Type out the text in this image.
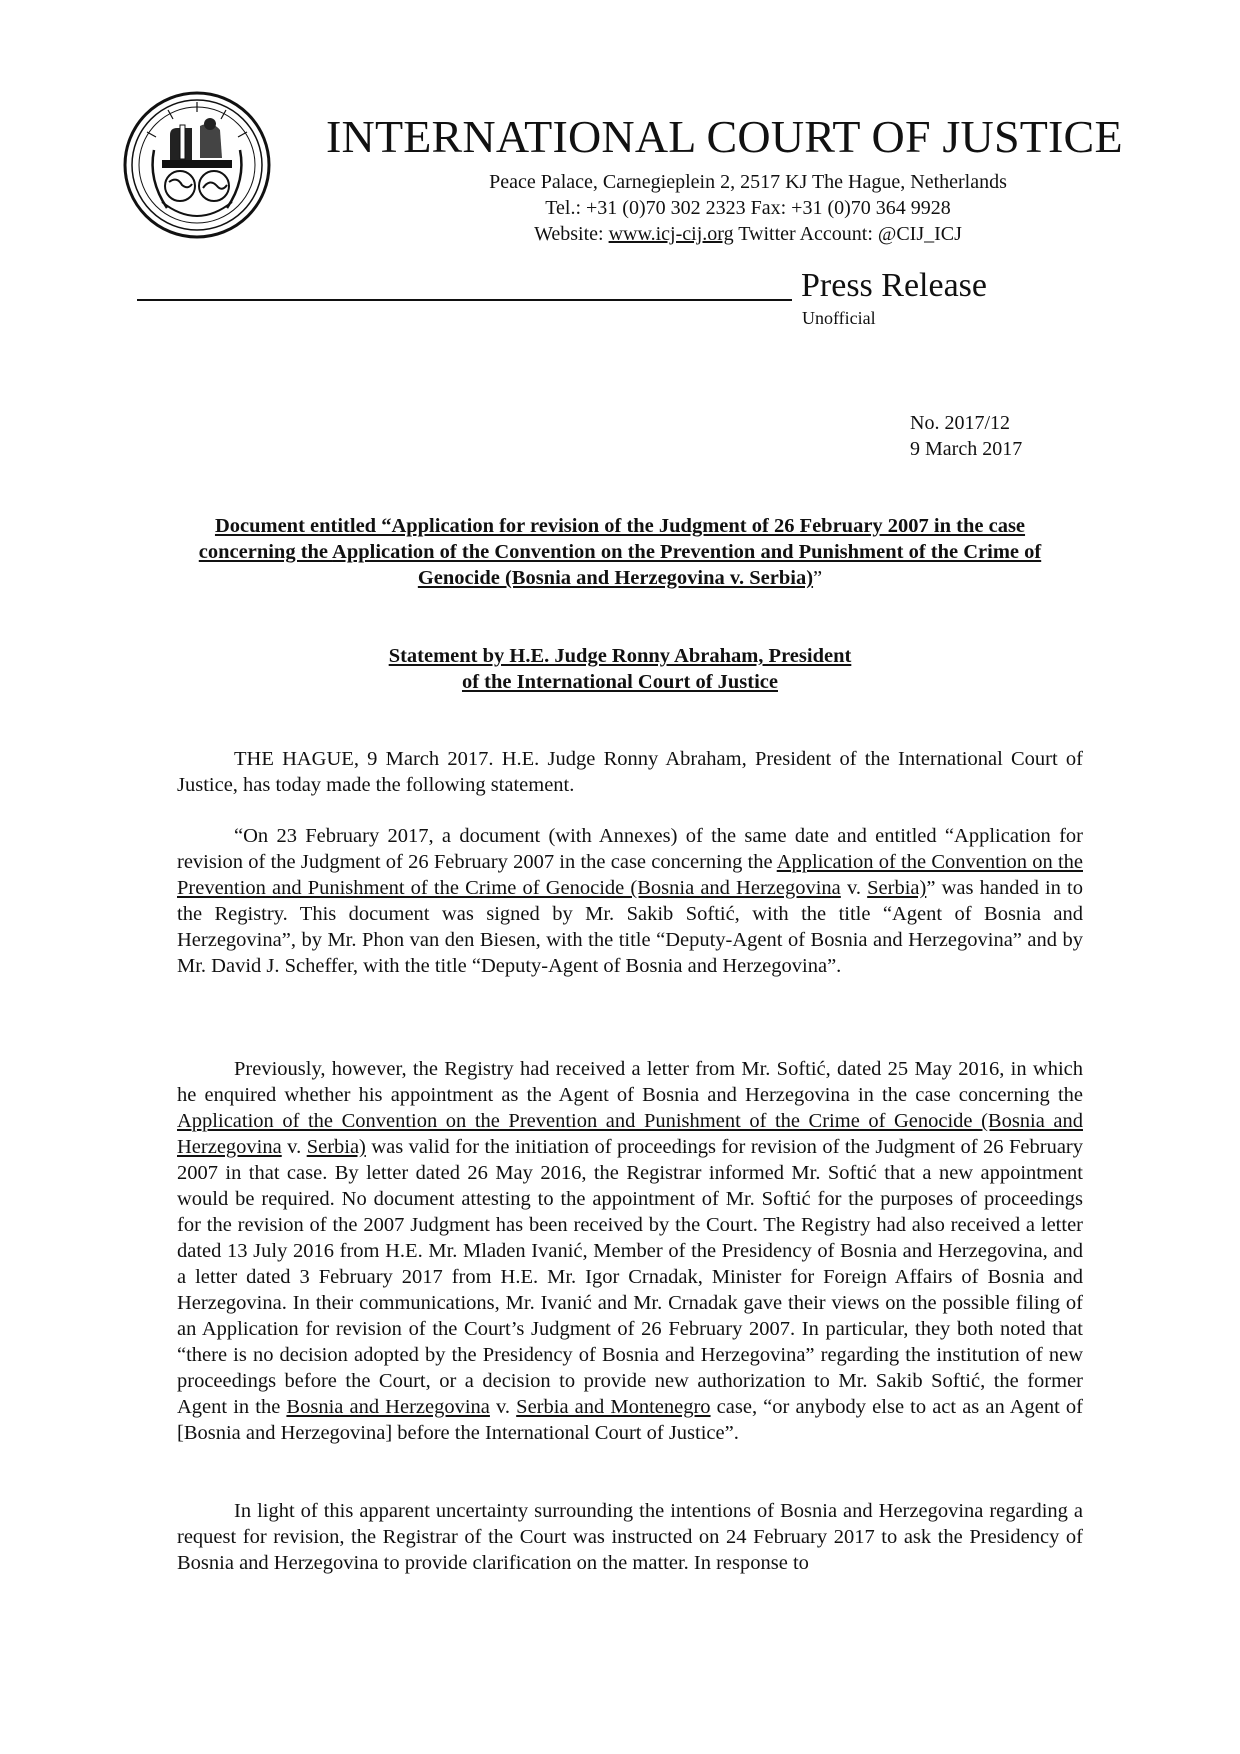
INTERNATIONAL COURT OF JUSTICE
Peace Palace, Carnegieplein 2, 2517 KJ The Hague, Netherlands
Tel.: +31 (0)70 302 2323 Fax: +31 (0)70 364 9928
Website: www.icj-cij.org Twitter Account: @CIJ_ICJ
Press Release
Unofficial
No. 2017/12
9 March 2017
Document entitled “Application for revision of the Judgment of 26 February 2007 in the case concerning the Application of the Convention on the Prevention and Punishment of the Crime of Genocide (Bosnia and Herzegovina v. Serbia)”
Statement by H.E. Judge Ronny Abraham, President
of the International Court of Justice
THE HAGUE, 9 March 2017. H.E. Judge Ronny Abraham, President of the International Court of Justice, has today made the following statement.
“On 23 February 2017, a document (with Annexes) of the same date and entitled “Application for revision of the Judgment of 26 February 2007 in the case concerning the Application of the Convention on the Prevention and Punishment of the Crime of Genocide (Bosnia and Herzegovina v. Serbia)” was handed in to the Registry. This document was signed by Mr. Sakib Softić, with the title “Agent of Bosnia and Herzegovina”, by Mr. Phon van den Biesen, with the title “Deputy-Agent of Bosnia and Herzegovina” and by Mr. David J. Scheffer, with the title “Deputy-Agent of Bosnia and Herzegovina”.
Previously, however, the Registry had received a letter from Mr. Softić, dated 25 May 2016, in which he enquired whether his appointment as the Agent of Bosnia and Herzegovina in the case concerning the Application of the Convention on the Prevention and Punishment of the Crime of Genocide (Bosnia and Herzegovina v. Serbia) was valid for the initiation of proceedings for revision of the Judgment of 26 February 2007 in that case. By letter dated 26 May 2016, the Registrar informed Mr. Softić that a new appointment would be required. No document attesting to the appointment of Mr. Softić for the purposes of proceedings for the revision of the 2007 Judgment has been received by the Court. The Registry had also received a letter dated 13 July 2016 from H.E. Mr. Mladen Ivanić, Member of the Presidency of Bosnia and Herzegovina, and a letter dated 3 February 2017 from H.E. Mr. Igor Crnadak, Minister for Foreign Affairs of Bosnia and Herzegovina. In their communications, Mr. Ivanić and Mr. Crnadak gave their views on the possible filing of an Application for revision of the Court’s Judgment of 26 February 2007. In particular, they both noted that “there is no decision adopted by the Presidency of Bosnia and Herzegovina” regarding the institution of new proceedings before the Court, or a decision to provide new authorization to Mr. Sakib Softić, the former Agent in the Bosnia and Herzegovina v. Serbia and Montenegro case, “or anybody else to act as an Agent of [Bosnia and Herzegovina] before the International Court of Justice”.
In light of this apparent uncertainty surrounding the intentions of Bosnia and Herzegovina regarding a request for revision, the Registrar of the Court was instructed on 24 February 2017 to ask the Presidency of Bosnia and Herzegovina to provide clarification on the matter. In response to
